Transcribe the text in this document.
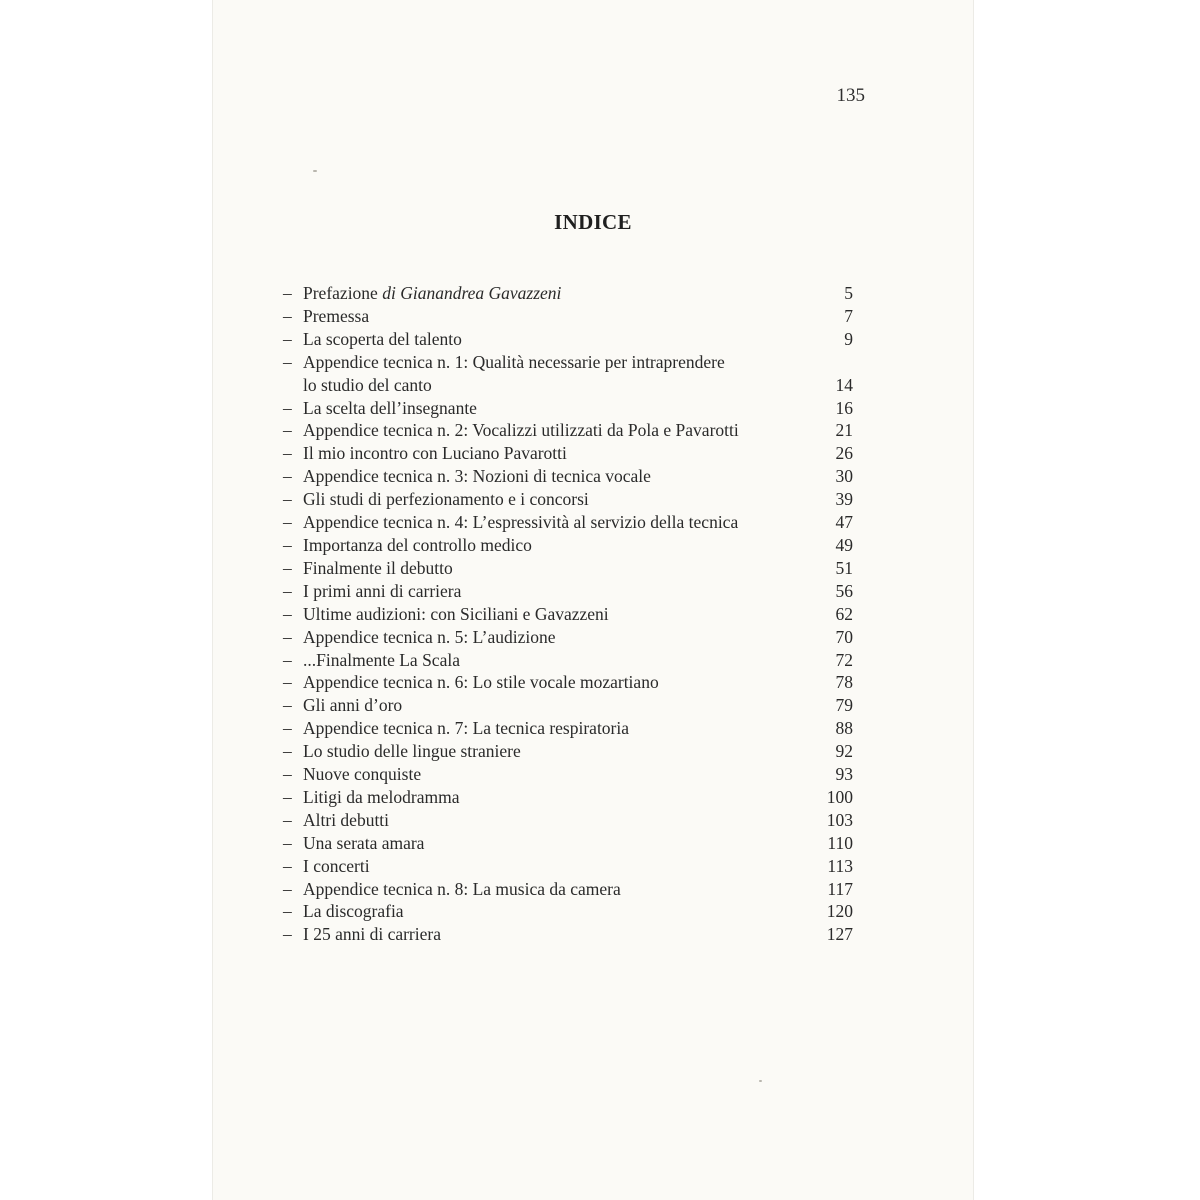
135
INDICE
– Prefazione di Gianandrea Gavazzeni	5
– Premessa	7
– La scoperta del talento	9
– Appendice tecnica n. 1: Qualità necessarie per intraprendere
lo studio del canto	14
– La scelta dell’insegnante	16
– Appendice tecnica n. 2: Vocalizzi utilizzati da Pola e Pavarotti	21
– Il mio incontro con Luciano Pavarotti	26
– Appendice tecnica n. 3: Nozioni di tecnica vocale	30
– Gli studi di perfezionamento e i concorsi	39
– Appendice tecnica n. 4: L’espressività al servizio della tecnica	47
– Importanza del controllo medico	49
– Finalmente il debutto	51
– I primi anni di carriera	56
– Ultime audizioni: con Siciliani e Gavazzeni	62
– Appendice tecnica n. 5: L’audizione	70
– ...Finalmente La Scala	72
– Appendice tecnica n. 6: Lo stile vocale mozartiano	78
– Gli anni d’oro	79
– Appendice tecnica n. 7: La tecnica respiratoria	88
– Lo studio delle lingue straniere	92
– Nuove conquiste	93
– Litigi da melodramma	100
– Altri debutti	103
– Una serata amara	110
– I concerti	113
– Appendice tecnica n. 8: La musica da camera	117
– La discografia	120
– I 25 anni di carriera	127
